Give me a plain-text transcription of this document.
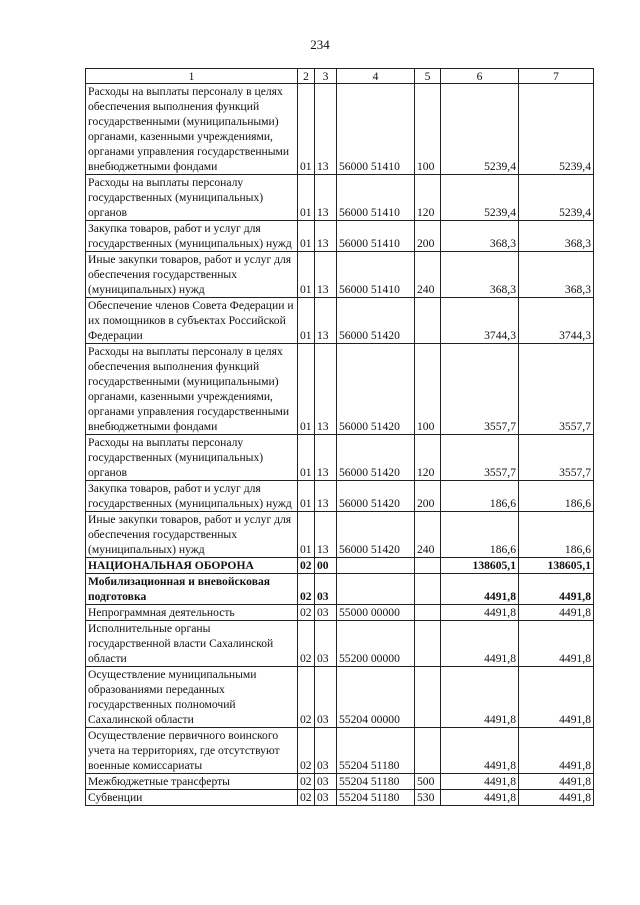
234
1	2	3	4	5	6	7
Расходы на выплаты персоналу в целях обеспечения выполнения функций государственными (муниципальными) органами, казенными учреждениями, органами управления государственными внебюджетными фондами	01	13	56000 51410	100	5239,4	5239,4
Расходы на выплаты персоналу государственных (муниципальных) органов	01	13	56000 51410	120	5239,4	5239,4
Закупка товаров, работ и услуг для государственных (муниципальных) нужд	01	13	56000 51410	200	368,3	368,3
Иные закупки товаров, работ и услуг для обеспечения государственных (муниципальных) нужд	01	13	56000 51410	240	368,3	368,3
Обеспечение членов Совета Федерации и их помощников в субъектах Российской Федерации	01	13	56000 51420		3744,3	3744,3
Расходы на выплаты персоналу в целях обеспечения выполнения функций государственными (муниципальными) органами, казенными учреждениями, органами управления государственными внебюджетными фондами	01	13	56000 51420	100	3557,7	3557,7
Расходы на выплаты персоналу государственных (муниципальных) органов	01	13	56000 51420	120	3557,7	3557,7
Закупка товаров, работ и услуг для государственных (муниципальных) нужд	01	13	56000 51420	200	186,6	186,6
Иные закупки товаров, работ и услуг для обеспечения государственных (муниципальных) нужд	01	13	56000 51420	240	186,6	186,6
НАЦИОНАЛЬНАЯ ОБОРОНА	02	00			138605,1	138605,1
Мобилизационная и вневойсковая подготовка	02	03			4491,8	4491,8
Непрограммная деятельность	02	03	55000 00000		4491,8	4491,8
Исполнительные органы государственной власти Сахалинской области	02	03	55200 00000		4491,8	4491,8
Осуществление муниципальными образованиями переданных государственных полномочий Сахалинской области	02	03	55204 00000		4491,8	4491,8
Осуществление первичного воинского учета на территориях, где отсутствуют военные комиссариаты	02	03	55204 51180		4491,8	4491,8
Межбюджетные трансферты	02	03	55204 51180	500	4491,8	4491,8
Субвенции	02	03	55204 51180	530	4491,8	4491,8
